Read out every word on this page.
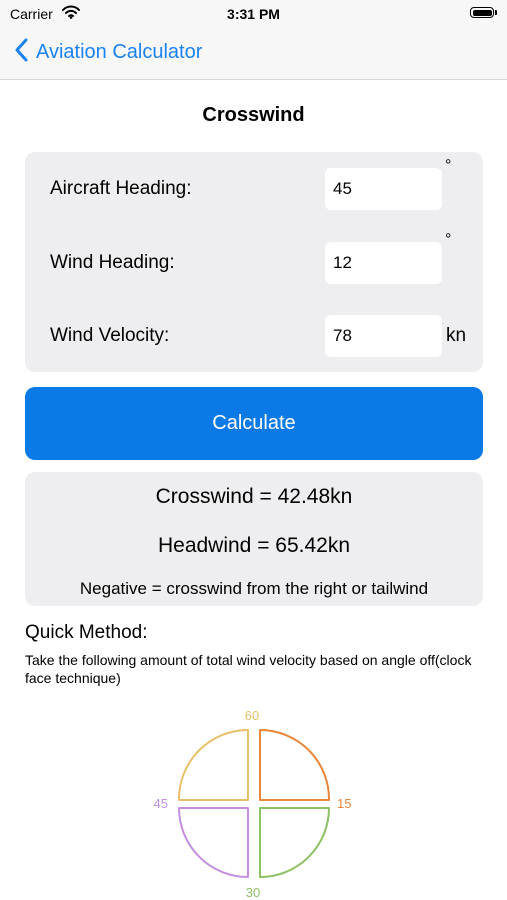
Carrier	3:31 PM
Aviation Calculator
Crosswind
Aircraft Heading:
45
°
Wind Heading:
12
°
Wind Velocity:
78	kn
Calculate
Crosswind = 42.48kn
Headwind = 65.42kn
Negative = crosswind from the right or tailwind
Quick Method:
Take the following amount of total wind velocity based on angle off(clock face technique)
60
15
30
45
